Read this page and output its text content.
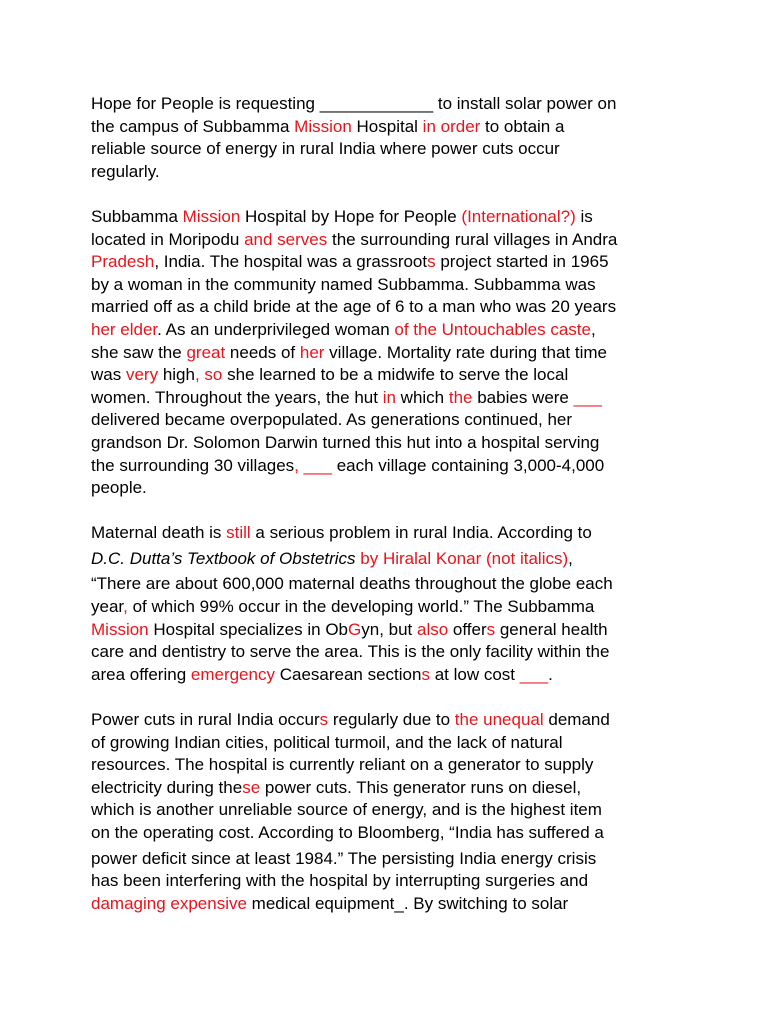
Hope for People is requesting ____________ to install solar power on
the campus of Subbamma Mission Hospital in order to obtain a
reliable source of energy in rural India where power cuts occur
regularly.
Subbamma Mission Hospital by Hope for People (International?) is
located in Moripodu and serves the surrounding rural villages in Andra
Pradesh, India. The hospital was a grassroots project started in 1965
by a woman in the community named Subbamma. Subbamma was
married off as a child bride at the age of 6 to a man who was 20 years
her elder. As an underprivileged woman of the Untouchables caste,
she saw the great needs of her village. Mortality rate during that time
was very high, so she learned to be a midwife to serve the local
women. Throughout the years, the hut in which the babies were ___
delivered became overpopulated. As generations continued, her
grandson Dr. Solomon Darwin turned this hut into a hospital serving
the surrounding 30 villages, ___ each village containing 3,000-4,000
people.
Maternal death is still a serious problem in rural India. According to
D.C. Dutta’s Textbook of Obstetrics by Hiralal Konar (not italics),
“There are about 600,000 maternal deaths throughout the globe each
year, of which 99% occur in the developing world.” The Subbamma
Mission Hospital specializes in ObGyn, but also offers general health
care and dentistry to serve the area. This is the only facility within the
area offering emergency Caesarean sections at low cost ___.
Power cuts in rural India occurs regularly due to the unequal demand
of growing Indian cities, political turmoil, and the lack of natural
resources. The hospital is currently reliant on a generator to supply
electricity during these power cuts. This generator runs on diesel,
which is another unreliable source of energy, and is the highest item
on the operating cost. According to Bloomberg, “India has suffered a
power deficit since at least 1984.” The persisting India energy crisis
has been interfering with the hospital by interrupting surgeries and
damaging expensive medical equipment_. By switching to solar
